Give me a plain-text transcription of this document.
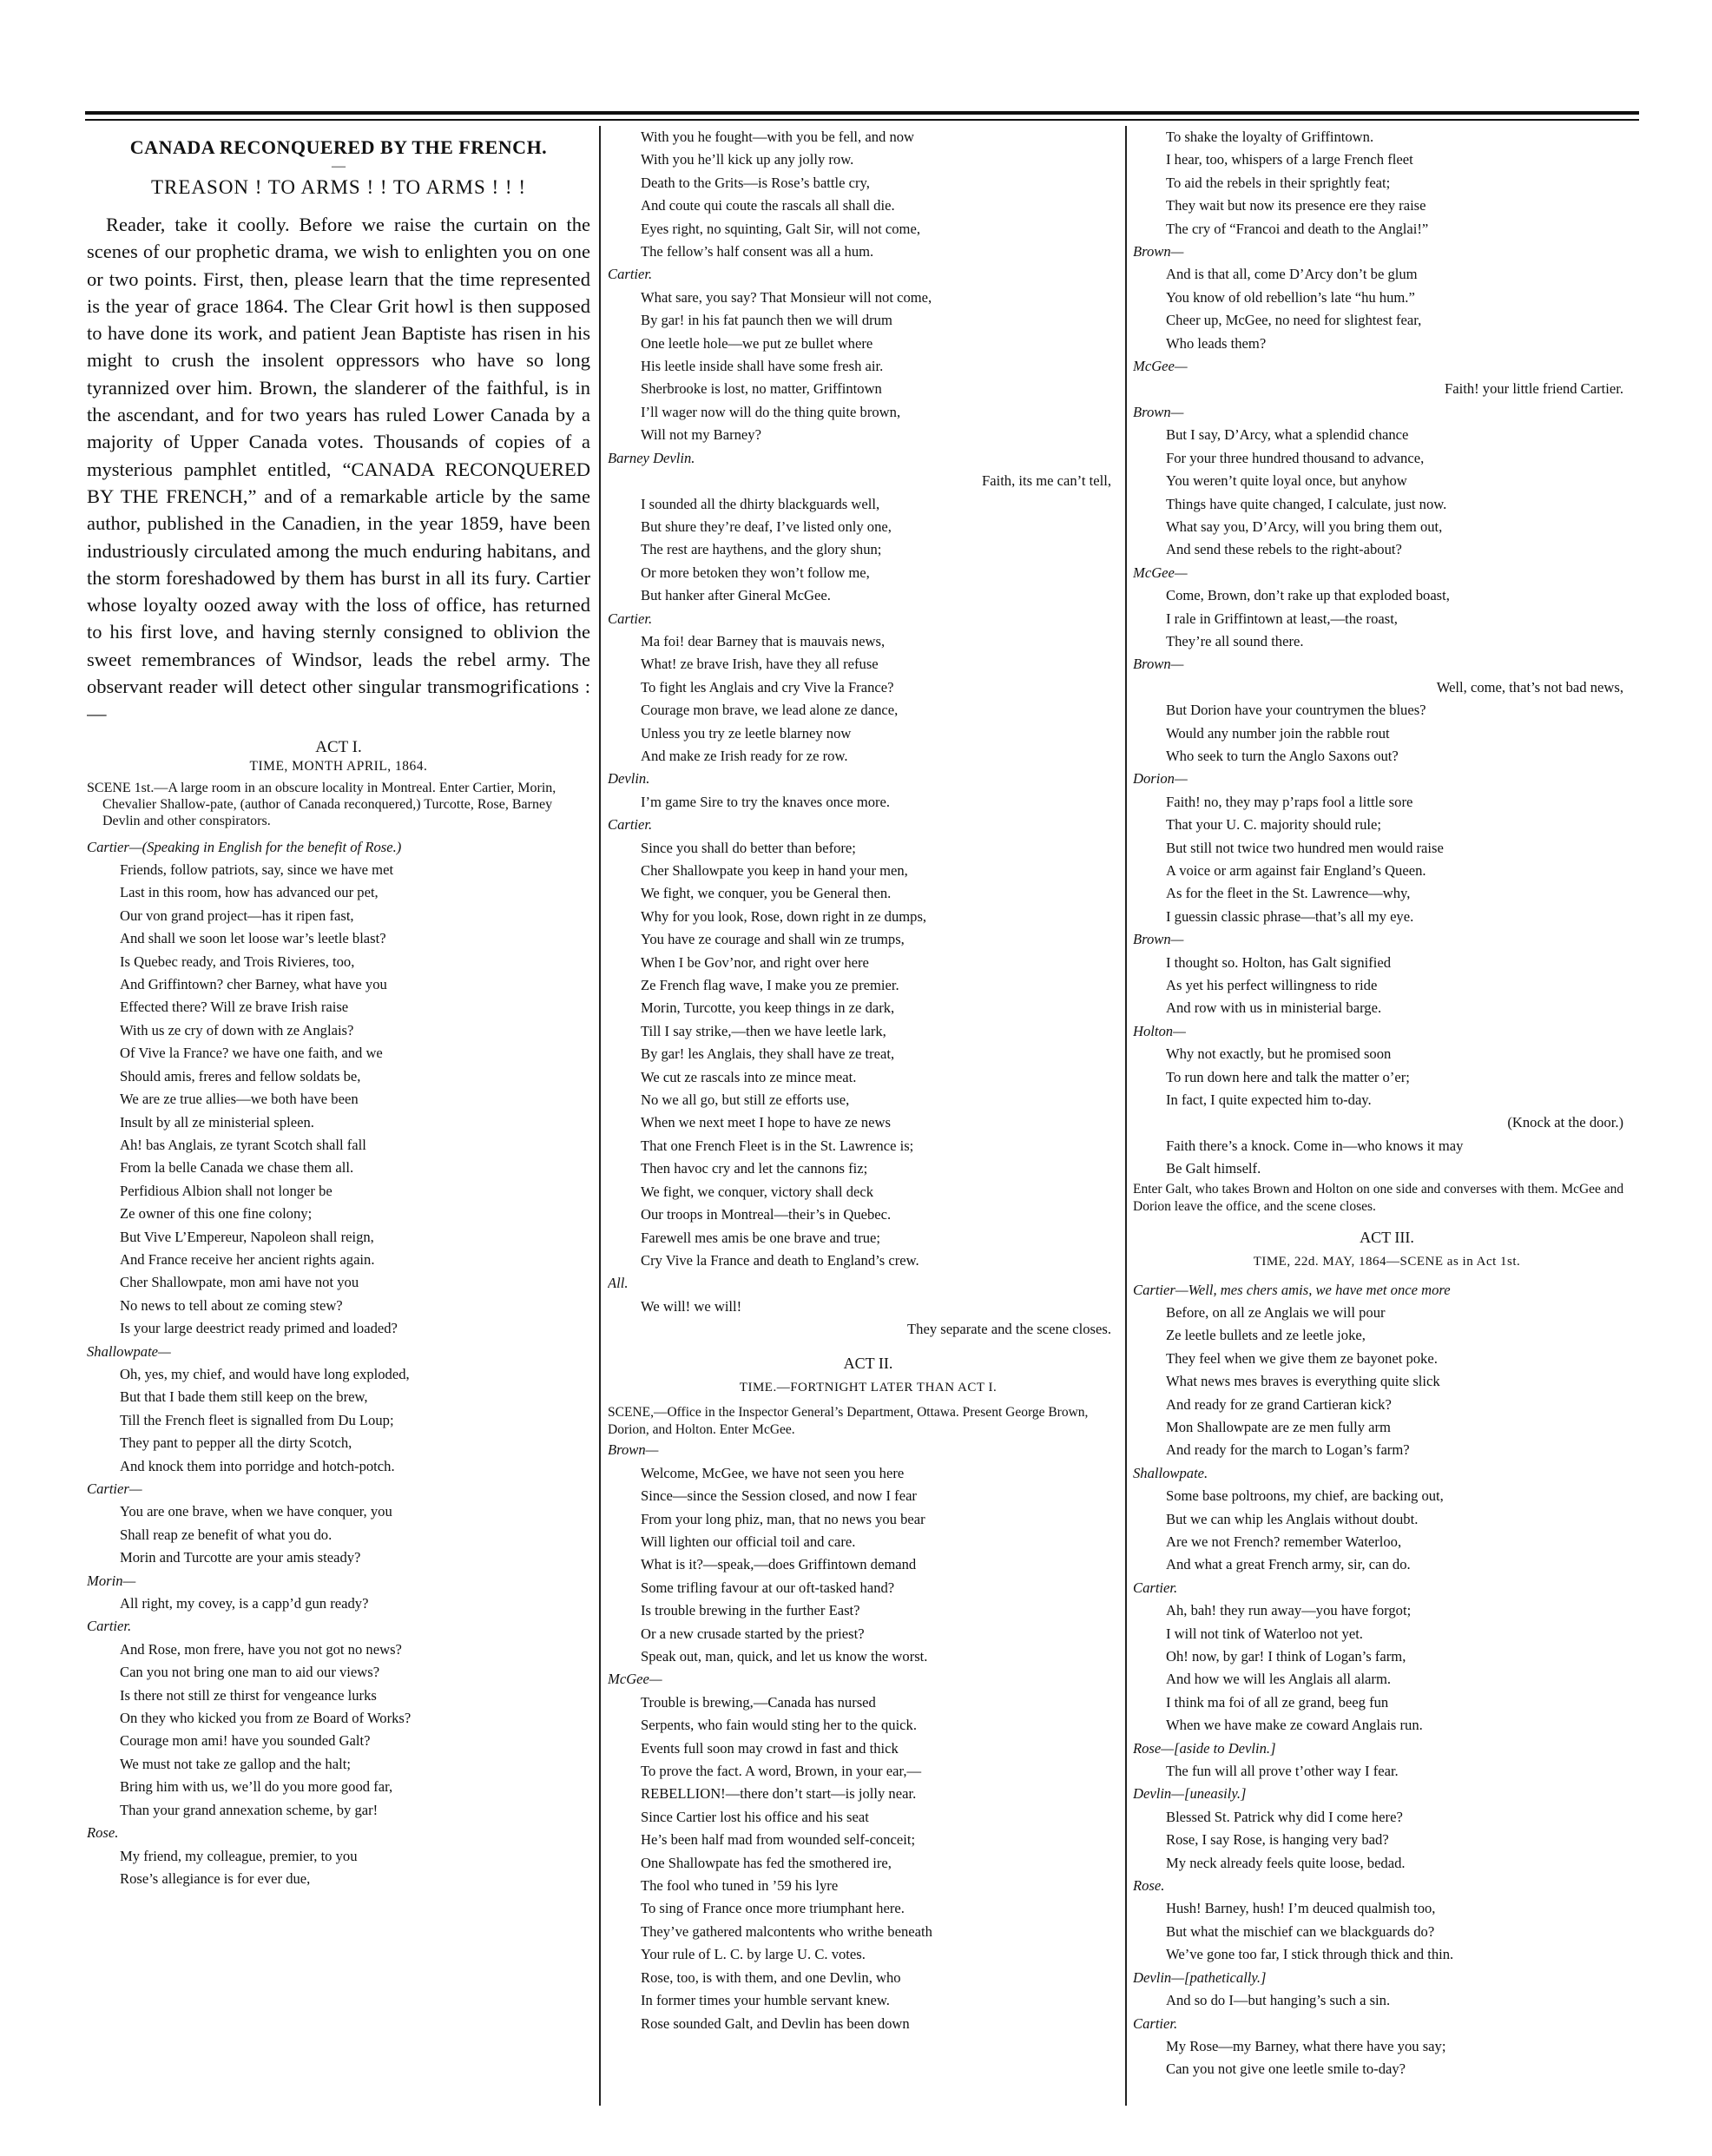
CANADA RECONQUERED BY THE FRENCH.
—
TREASON ! TO ARMS ! ! TO ARMS ! ! !

Reader, take it coolly. Before we raise the curtain on the scenes of our prophetic drama, we wish to enlighten you on one or two points. First, then, please learn that the time represented is the year of grace 1864. The Clear Grit howl is then supposed to have done its work, and patient Jean Baptiste has risen in his might to crush the insolent oppressors who have so long tyrannized over him. Brown, the slanderer of the faithful, is in the ascendant, and for two years has ruled Lower Canada by a majority of Upper Canada votes. Thousands of copies of a mysterious pamphlet entitled, “CANADA RECONQUERED BY THE FRENCH,” and of a remarkable article by the same author, published in the Canadien, in the year 1859, have been industriously circulated among the much enduring habitans, and the storm foreshadowed by them has burst in all its fury. Cartier whose loyalty oozed away with the loss of office, has returned to his first love, and having sternly consigned to oblivion the sweet remembrances of Windsor, leads the rebel army. The observant reader will detect other singular transmogrifications :—

ACT I.
TIME, MONTH APRIL, 1864.
SCENE 1st.—A large room in an obscure locality in Montreal. Enter Cartier, Morin, Chevalier Shallow-pate, (author of Canada reconquered,) Turcotte, Rose, Barney Devlin and other conspirators.
Cartier—(Speaking in English for the benefit of Rose.)
Friends, follow patriots, say, since we have met
Last in this room, how has advanced our pet,
Our von grand project—has it ripen fast,
And shall we soon let loose war’s leetle blast?
Is Quebec ready, and Trois Rivieres, too,
And Griffintown? cher Barney, what have you
Effected there? Will ze brave Irish raise
With us ze cry of down with ze Anglais?
Of Vive la France? we have one faith, and we
Should amis, freres and fellow soldats be,
We are ze true allies—we both have been
Insult by all ze ministerial spleen.
Ah! bas Anglais, ze tyrant Scotch shall fall
From la belle Canada we chase them all.
Perfidious Albion shall not longer be
Ze owner of this one fine colony;
But Vive L’Empereur, Napoleon shall reign,
And France receive her ancient rights again.
Cher Shallowpate, mon ami have not you
No news to tell about ze coming stew?
Is your large deestrict ready primed and loaded?
Shallowpate—
Oh, yes, my chief, and would have long exploded,
But that I bade them still keep on the brew,
Till the French fleet is signalled from Du Loup;
They pant to pepper all the dirty Scotch,
And knock them into porridge and hotch-potch.
Cartier—
You are one brave, when we have conquer, you
Shall reap ze benefit of what you do.
Morin and Turcotte are your amis steady?
Morin—
All right, my covey, is a capp’d gun ready?
Cartier.
And Rose, mon frere, have you not got no news?
Can you not bring one man to aid our views?
Is there not still ze thirst for vengeance lurks
On they who kicked you from ze Board of Works?
Courage mon ami! have you sounded Galt?
We must not take ze gallop and the halt;
Bring him with us, we’ll do you more good far,
Than your grand annexation scheme, by gar!
Rose.
My friend, my colleague, premier, to you
Rose’s allegiance is for ever due,
With you he fought—with you be fell, and now
With you he’ll kick up any jolly row.
Death to the Grits—is Rose’s battle cry,
And coute qui coute the rascals all shall die.
Eyes right, no squinting, Galt Sir, will not come,
The fellow’s half consent was all a hum.
Cartier.
What sare, you say? That Monsieur will not come,
By gar! in his fat paunch then we will drum
One leetle hole—we put ze bullet where
His leetle inside shall have some fresh air.
Sherbrooke is lost, no matter, Griffintown
I’ll wager now will do the thing quite brown,
Will not my Barney?
Barney Devlin.
Faith, its me can’t tell,
I sounded all the dhirty blackguards well,
But shure they’re deaf, I’ve listed only one,
The rest are haythens, and the glory shun;
Or more betoken they won’t follow me,
But hanker after Gineral McGee.
Cartier.
Ma foi! dear Barney that is mauvais news,
What! ze brave Irish, have they all refuse
To fight les Anglais and cry Vive la France?
Courage mon brave, we lead alone ze dance,
Unless you try ze leetle blarney now
And make ze Irish ready for ze row.
Devlin.
I’m game Sire to try the knaves once more.
Cartier.
Since you shall do better than before;
Cher Shallowpate you keep in hand your men,
We fight, we conquer, you be General then.
Why for you look, Rose, down right in ze dumps,
You have ze courage and shall win ze trumps,
When I be Gov’nor, and right over here
Ze French flag wave, I make you ze premier.
Morin, Turcotte, you keep things in ze dark,
Till I say strike,—then we have leetle lark,
By gar! les Anglais, they shall have ze treat,
We cut ze rascals into ze mince meat.
No we all go, but still ze efforts use,
When we next meet I hope to have ze news
That one French Fleet is in the St. Lawrence is;
Then havoc cry and let the cannons fiz;
We fight, we conquer, victory shall deck
Our troops in Montreal—their’s in Quebec.
Farewell mes amis be one brave and true;
Cry Vive la France and death to England’s crew.
All.
We will! we will!
They separate and the scene closes.
ACT II.
TIME.—FORTNIGHT LATER THAN ACT I.
SCENE,—Office in the Inspector General’s Department, Ottawa. Present George Brown, Dorion, and Holton. Enter McGee.
Brown—
Welcome, McGee, we have not seen you here
Since—since the Session closed, and now I fear
From your long phiz, man, that no news you bear
Will lighten our official toil and care.
What is it?—speak,—does Griffintown demand
Some trifling favour at our oft-tasked hand?
Is trouble brewing in the further East?
Or a new crusade started by the priest?
Speak out, man, quick, and let us know the worst.
McGee—
Trouble is brewing,—Canada has nursed
Serpents, who fain would sting her to the quick.
Events full soon may crowd in fast and thick
To prove the fact. A word, Brown, in your ear,—
REBELLION!—there don’t start—is jolly near.
Since Cartier lost his office and his seat
He’s been half mad from wounded self-conceit;
One Shallowpate has fed the smothered ire,
The fool who tuned in ’59 his lyre
To sing of France once more triumphant here.
They’ve gathered malcontents who writhe beneath
Your rule of L. C. by large U. C. votes.
Rose, too, is with them, and one Devlin, who
In former times your humble servant knew.
Rose sounded Galt, and Devlin has been down
To shake the loyalty of Griffintown.
I hear, too, whispers of a large French fleet
To aid the rebels in their sprightly feat;
They wait but now its presence ere they raise
The cry of “Francoi and death to the Anglai!”
Brown—
And is that all, come D’Arcy don’t be glum
You know of old rebellion’s late “hu hum.”
Cheer up, McGee, no need for slightest fear,
Who leads them?
McGee—
Faith! your little friend Cartier.
Brown—
But I say, D’Arcy, what a splendid chance
For your three hundred thousand to advance,
You weren’t quite loyal once, but anyhow
Things have quite changed, I calculate, just now.
What say you, D’Arcy, will you bring them out,
And send these rebels to the right-about?
McGee—
Come, Brown, don’t rake up that exploded boast,
I rale in Griffintown at least,—the roast,
They’re all sound there.
Brown—
Well, come, that’s not bad news,
But Dorion have your countrymen the blues?
Would any number join the rabble rout
Who seek to turn the Anglo Saxons out?
Dorion—
Faith! no, they may p’raps fool a little sore
That your U. C. majority should rule;
But still not twice two hundred men would raise
A voice or arm against fair England’s Queen.
As for the fleet in the St. Lawrence—why,
I guessin classic phrase—that’s all my eye.
Brown—
I thought so. Holton, has Galt signified
As yet his perfect willingness to ride
And row with us in ministerial barge.
Holton—
Why not exactly, but he promised soon
To run down here and talk the matter o’er;
In fact, I quite expected him to-day.
(Knock at the door.)
Faith there’s a knock. Come in—who knows it may
Be Galt himself.
Enter Galt, who takes Brown and Holton on one side and converses with them. McGee and Dorion leave the office, and the scene closes.
ACT III.
TIME, 22d. MAY, 1864—SCENE as in Act 1st.
Cartier—Well, mes chers amis, we have met once more
Before, on all ze Anglais we will pour
Ze leetle bullets and ze leetle joke,
They feel when we give them ze bayonet poke.
What news mes braves is everything quite slick
And ready for ze grand Cartieran kick?
Mon Shallowpate are ze men fully arm
And ready for the march to Logan’s farm?
Shallowpate.
Some base poltroons, my chief, are backing out,
But we can whip les Anglais without doubt.
Are we not French? remember Waterloo,
And what a great French army, sir, can do.
Cartier.
Ah, bah! they run away—you have forgot;
I will not tink of Waterloo not yet.
Oh! now, by gar! I think of Logan’s farm,
And how we will les Anglais all alarm.
I think ma foi of all ze grand, beeg fun
When we have make ze coward Anglais run.
Rose—[aside to Devlin.]
The fun will all prove t’other way I fear.
Devlin—[uneasily.]
Blessed St. Patrick why did I come here?
Rose, I say Rose, is hanging very bad?
My neck already feels quite loose, bedad.
Rose.
Hush! Barney, hush! I’m deuced qualmish too,
But what the mischief can we blackguards do?
We’ve gone too far, I stick through thick and thin.
Devlin—[pathetically.]
And so do I—but hanging’s such a sin.
Cartier.
My Rose—my Barney, what there have you say;
Can you not give one leetle smile to-day?
